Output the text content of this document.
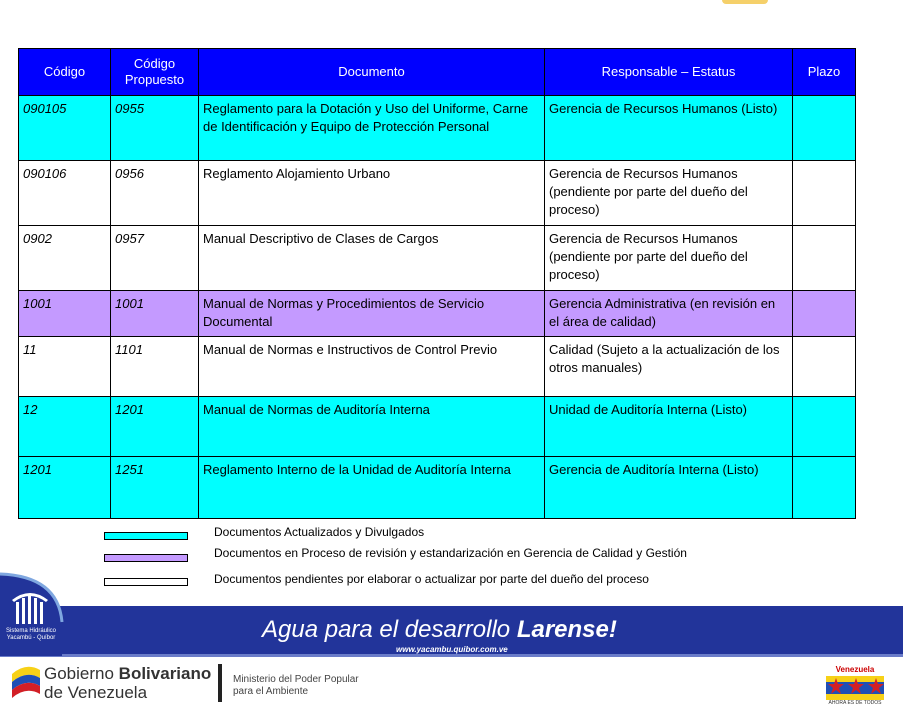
Código	Código Propuesto	Documento	Responsable – Estatus	Plazo
090105	0955	Reglamento para la Dotación y Uso del Uniforme, Carne de Identificación y Equipo de Protección Personal	Gerencia de Recursos Humanos (Listo)	
090106	0956	Reglamento Alojamiento Urbano	Gerencia de Recursos Humanos (pendiente por parte del dueño del proceso)	
0902	0957	Manual Descriptivo de Clases de Cargos	Gerencia de Recursos Humanos (pendiente por parte del dueño del proceso)	
1001	1001	Manual de Normas y Procedimientos de Servicio Documental	Gerencia Administrativa (en revisión en el área de calidad)	
11	1101	Manual de Normas e Instructivos de Control Previo	Calidad (Sujeto a la actualización de los otros manuales)	
12	1201	Manual de Normas de Auditoría Interna	Unidad de Auditoría Interna (Listo)	
1201	1251	Reglamento Interno de la Unidad de Auditoría Interna	Gerencia de Auditoría Interna (Listo)	
Documentos Actualizados y Divulgados
Documentos en Proceso de revisión y estandarización en Gerencia de Calidad y Gestión
Documentos pendientes por elaborar o actualizar por parte del dueño del proceso
Sistema Hidráulico Yacambú - Quíbor	Agua para el desarrollo Larense!
www.yacambu.quibor.com.ve
Gobierno Bolivariano
de Venezuela
Ministerio del Poder Popular
para el Ambiente
Venezuela
AHORA ES DE TODOS
